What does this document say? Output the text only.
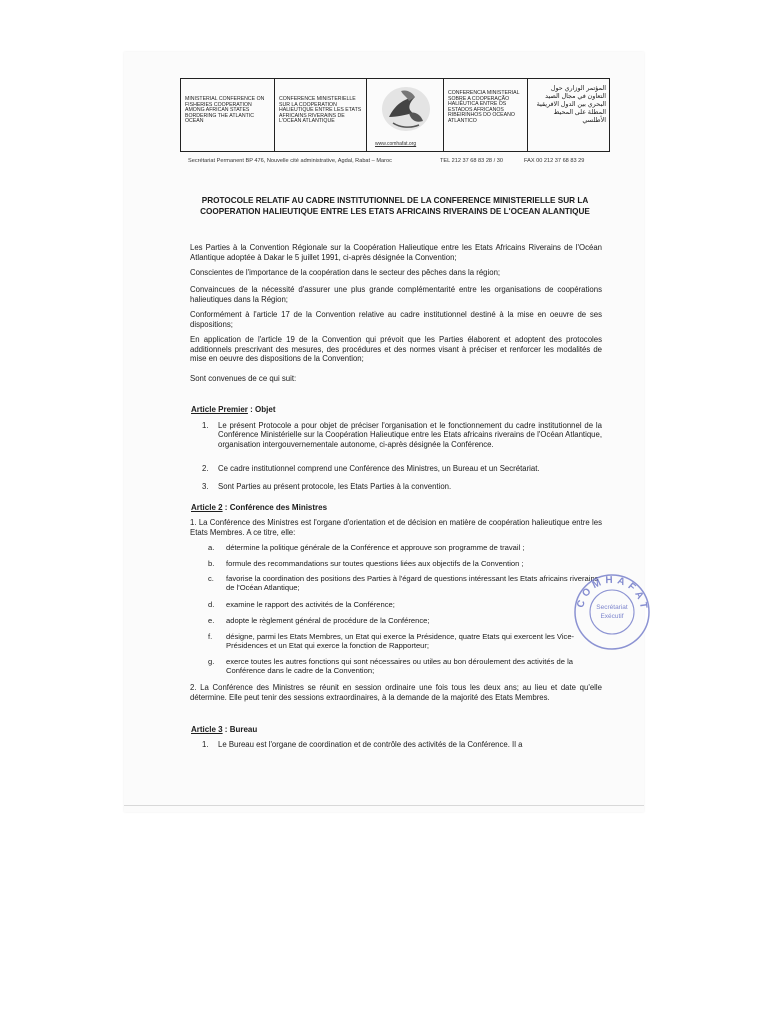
MINISTERIAL CONFERENCE ON FISHERIES COOPERATION AMONG AFRICAN STATES BORDERING THE ATLANTIC OCEAN
CONFERENCE MINISTERIELLE SUR LA COOPERATION HALIEUTIQUE ENTRE LES ETATS AFRICAINS RIVERAINS DE L'OCEAN ATLANTIQUE
www.comhafat.org
CONFERENCIA MINISTERIAL SOBRE A COOPERAÇÃO HALIÊUTICA ENTRE OS ESTADOS AFRICANOS RIBEIRINHOS DO OCEANO ATLANTICO
المؤتمر الوزاري حول التعاون في مجال الصيد البحري بين الدول الافريقية المطلة على المحيط الأطلسي
Secrétariat Permanent BP 476, Nouvelle cité administrative, Agdal, Rabat – Maroc	TEL 212 37 68 83 28 / 30	FAX 00 212 37 68 83 29
PROTOCOLE RELATIF AU CADRE INSTITUTIONNEL DE LA CONFERENCE MINISTERIELLE SUR LA COOPERATION HALIEUTIQUE ENTRE LES ETATS AFRICAINS RIVERAINS DE L'OCEAN ALANTIQUE
Les Parties à la Convention Régionale sur la Coopération Halieutique entre les Etats Africains Riverains de l'Océan Atlantique adoptée à Dakar le 5 juillet 1991, ci-après désignée la Convention;
Conscientes de l'importance de la coopération dans le secteur des pêches dans la région;
Convaincues de la nécessité d'assurer une plus grande complémentarité entre les organisations de coopérations halieutiques dans la Région;
Conformément à l'article 17 de la Convention relative au cadre institutionnel destiné à la mise en oeuvre de ses dispositions;
En application de l'article 19 de la Convention qui prévoit que les Parties élaborent et adoptent des protocoles additionnels prescrivant des mesures, des procédures et des normes visant à préciser et renforcer les modalités de mise en oeuvre des dispositions de la Convention;
Sont convenues de ce qui suit:
Article Premier : Objet
1.	Le présent Protocole a pour objet de préciser l'organisation et le fonctionnement du cadre institutionnel de la Conférence Ministérielle sur la Coopération Halieutique entre les Etats africains riverains de l'Océan Atlantique, organisation intergouvernementale autonome, ci-après désignée la Conférence.
2.	Ce cadre institutionnel comprend une Conférence des Ministres, un Bureau et un Secrétariat.
3.	Sont Parties au présent protocole, les Etats Parties à la convention.
Article 2 : Conférence des Ministres
1. La Conférence des Ministres est l'organe d'orientation et de décision en matière de coopération halieutique entre les Etats Membres. A ce titre, elle:
a.	détermine la politique générale de la Conférence et approuve son programme de travail ;
b.	formule des recommandations sur toutes questions liées aux objectifs de la Convention ;
c.	favorise la coordination des positions des Parties à l'égard de questions intéressant les Etats africains riverains de l'Océan Atlantique;
d.	examine le rapport des activités de la Conférence;
e.	adopte le règlement général de procédure de la Conférence;
f.	désigne, parmi les Etats Membres, un Etat qui exerce la Présidence, quatre Etats qui exercent les Vice-Présidences et un Etat qui exerce la fonction de Rapporteur;
g.	exerce toutes les autres fonctions qui sont nécessaires ou utiles au bon déroulement des activités de la Conférence dans le cadre de la Convention;
2. La Conférence des Ministres se réunit en session ordinaire une fois tous les deux ans; au lieu et date qu'elle détermine. Elle peut tenir des sessions extraordinaires, à la demande de la majorité des Etats Membres.
Article 3 : Bureau
1.	Le Bureau est l'organe de coordination et de contrôle des activités de la Conférence. Il a
COMHAFAT
Secrétariat
Exécutif
